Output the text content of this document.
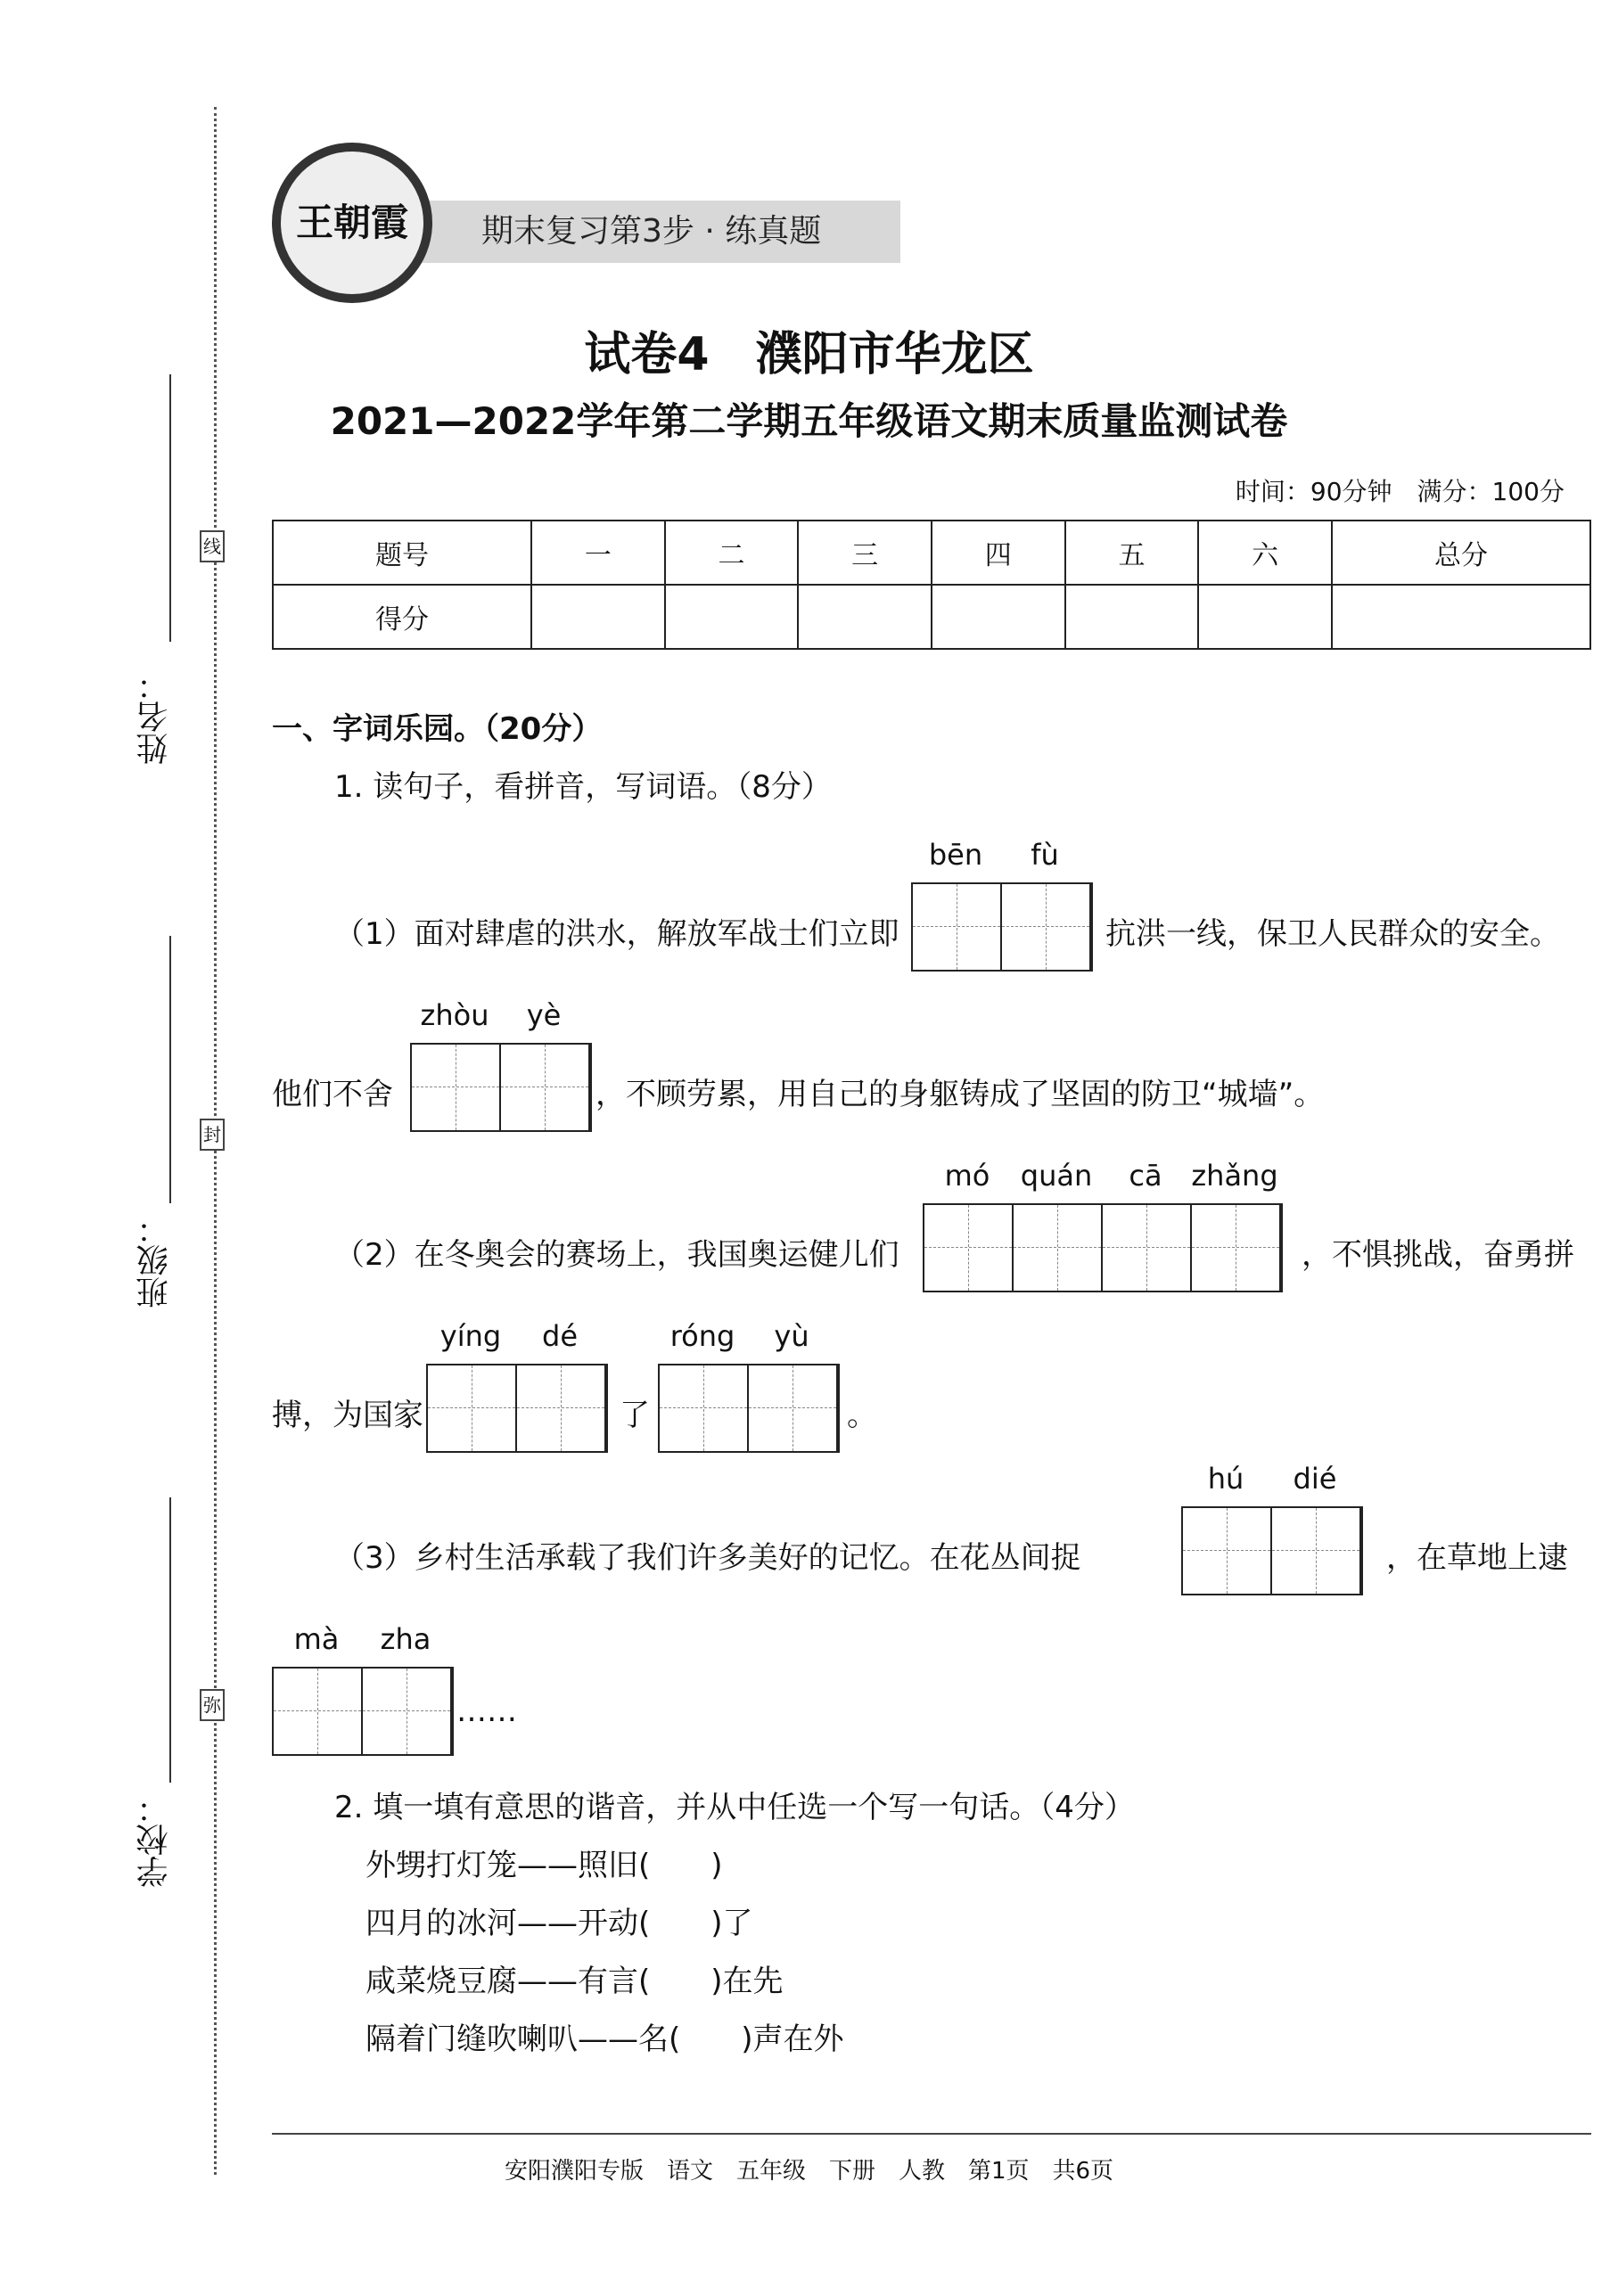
姓名：
班级：
学校：
线
封
弥
期末复习第3步 · 练真题
王朝霞
试卷4　濮阳市华龙区
2021—2022学年第二学期五年级语文期末质量监测试卷
时间：90分钟　满分：100分
题号	一	二	三	四	五	六	总分
得分							
一、字词乐园。（20分）
1. 读句子，看拼音，写词语。（8分）
bēn	fù
（1）面对肆虐的洪水，解放军战士们立即	抗洪一线，保卫人民群众的安全。
zhòu	yè
他们不舍	，不顾劳累，用自己的身躯铸成了坚固的防卫“城墙”。
mó	quán	cā	zhǎng
（2）在冬奥会的赛场上，我国奥运健儿们	，不惧挑战，奋勇拼
yíng	dé	róng	yù
搏，为国家	了	。
hú	dié
（3）乡村生活承载了我们许多美好的记忆。在花丛间捉	，在草地上逮
mà	zha
……
2. 填一填有意思的谐音，并从中任选一个写一句话。（4分）
外甥打灯笼——照旧(　　)
四月的冰河——开动(　　)了
咸菜烧豆腐——有言(　　)在先
隔着门缝吹喇叭——名(　　)声在外
安阳濮阳专版　语文　五年级　下册　人教　第1页　共6页
